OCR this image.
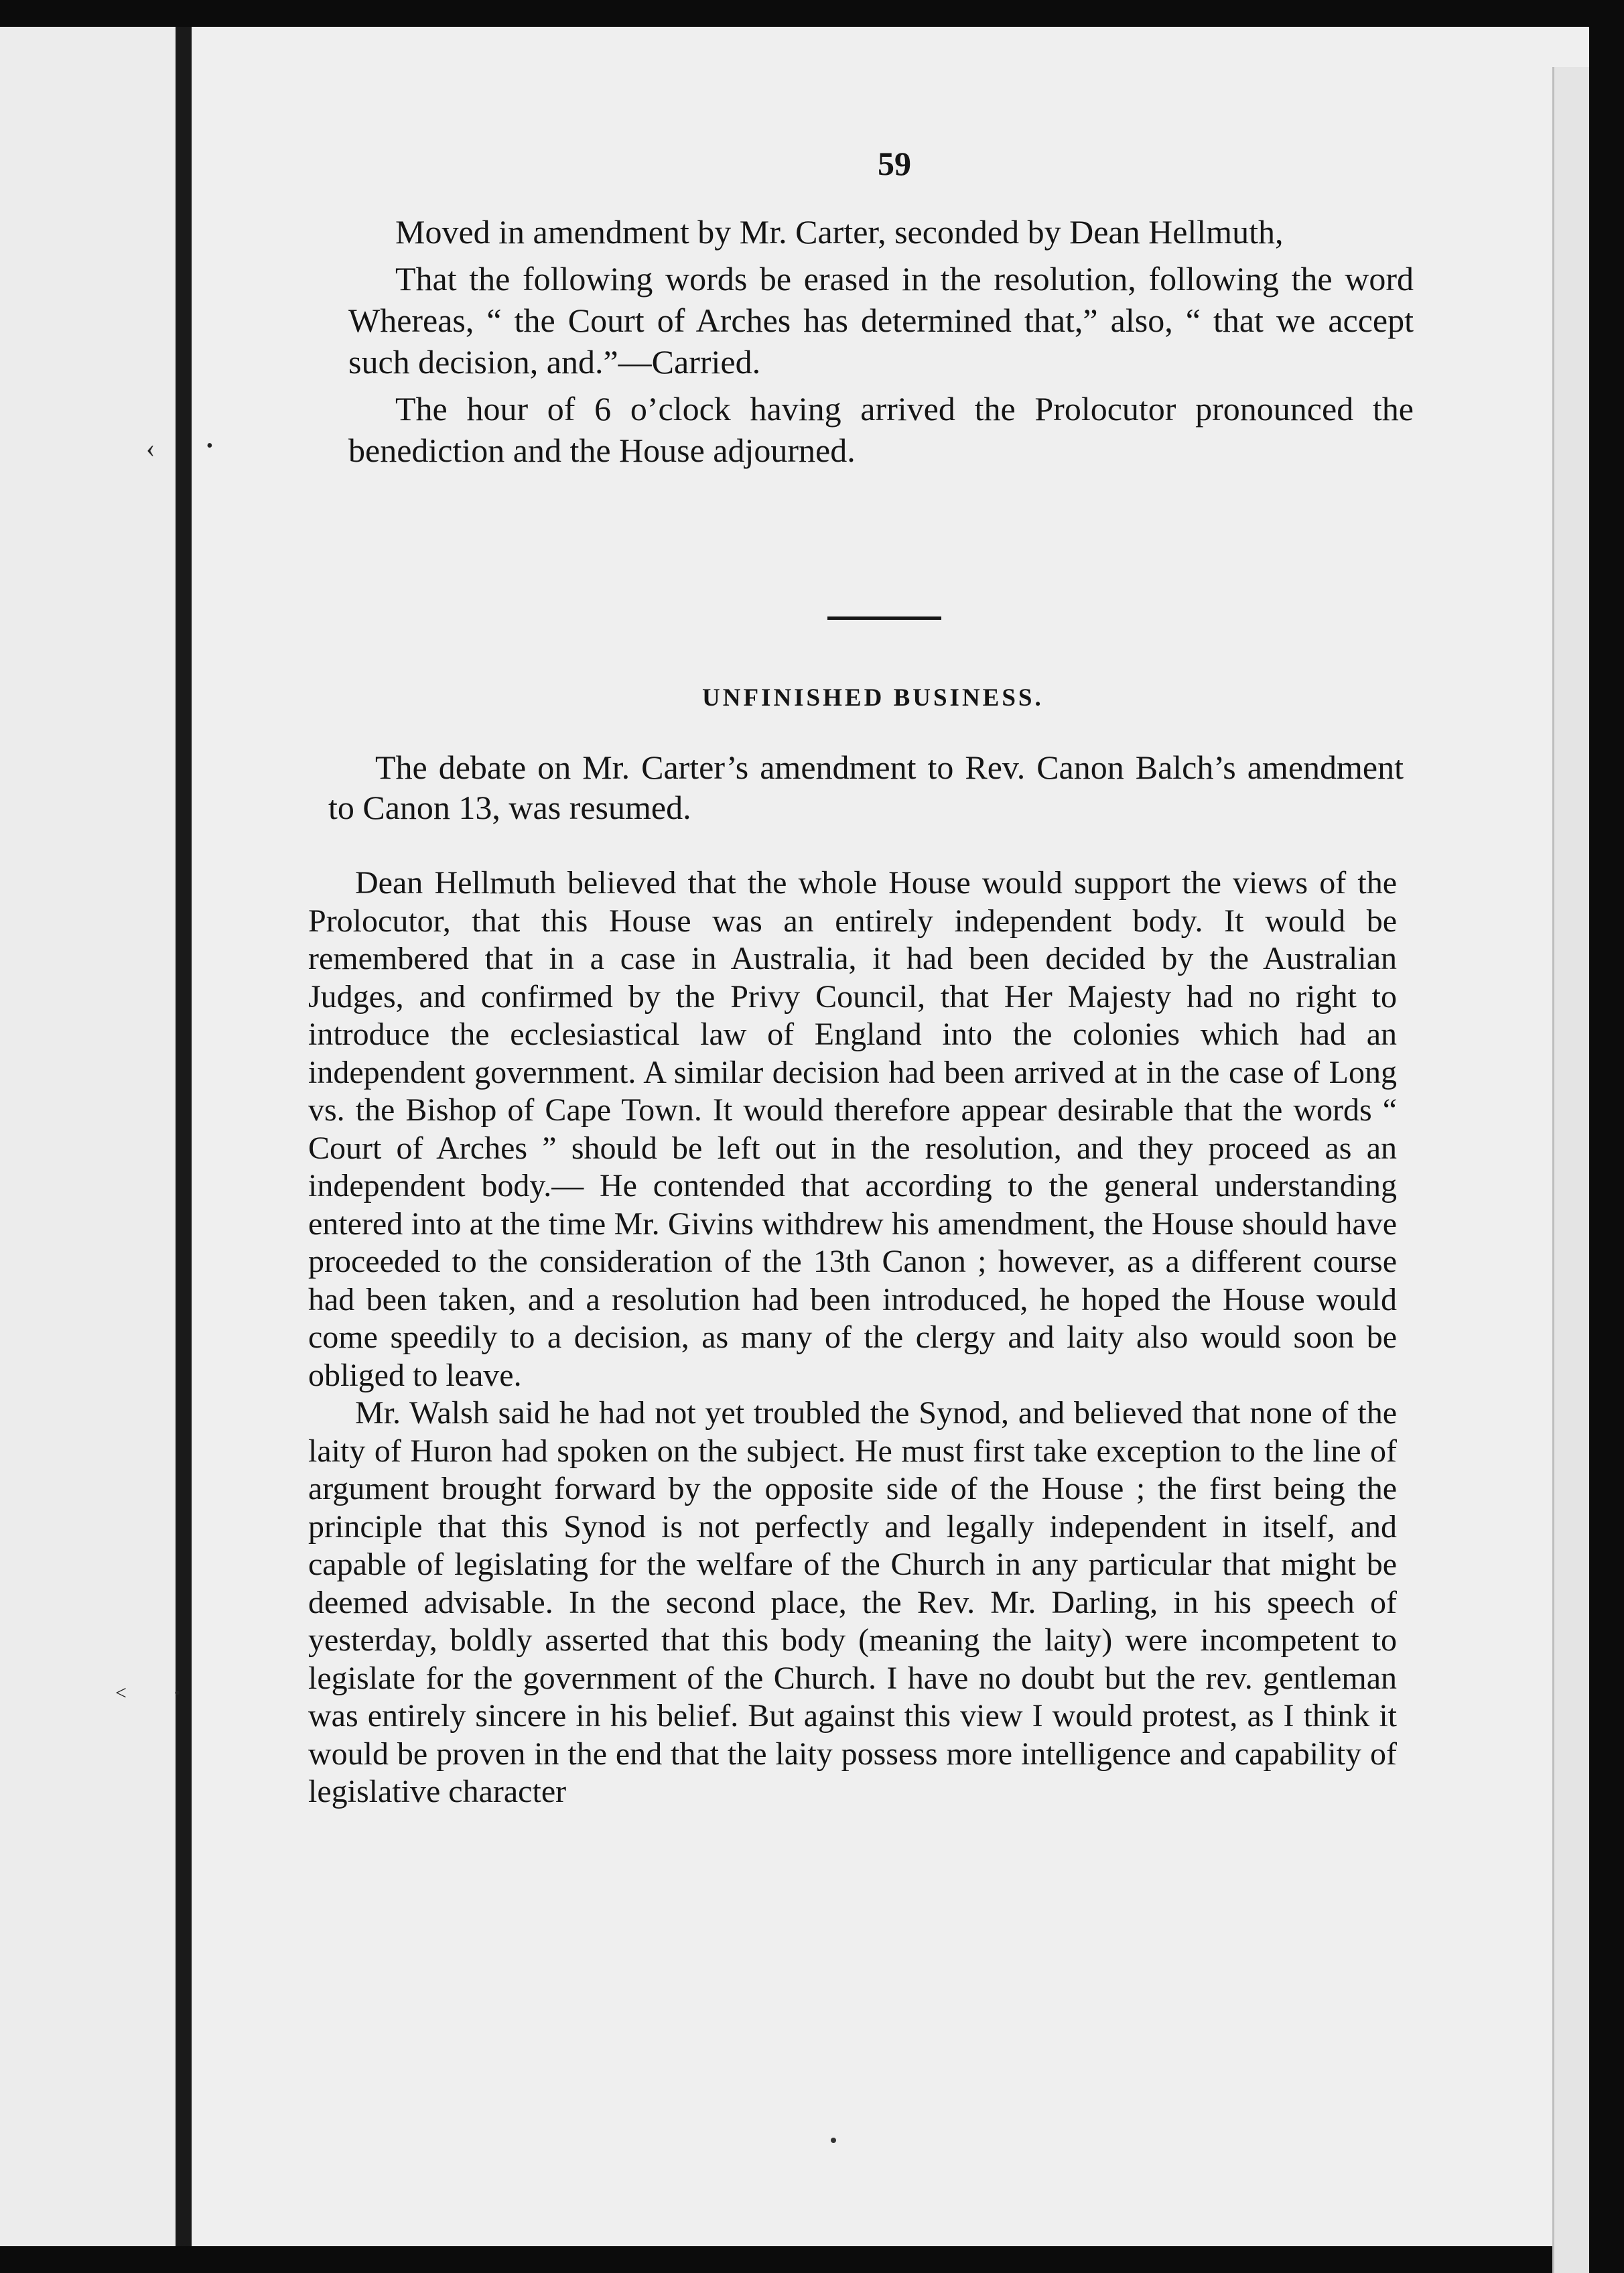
‹	•
˂	•
59

Moved in amendment by Mr. Carter, seconded by Dean Hellmuth,

That the following words be erased in the resolution, following the word Whereas, “ the Court of Arches has determined that,” also, “ that we accept such decision, and.”—Carried.

The hour of 6 o’clock having arrived the Prolocutor pronounced the benediction and the House adjourned.

UNFINISHED BUSINESS.

The debate on Mr. Carter’s amendment to Rev. Canon Balch’s amendment to Canon 13, was resumed.

Dean Hellmuth believed that the whole House would support the views of the Prolocutor, that this House was an entirely independent body. It would be remembered that in a case in Australia, it had been decided by the Australian Judges, and confirmed by the Privy Council, that Her Majesty had no right to introduce the ecclesiastical law of England into the colonies which had an independent government. A similar decision had been arrived at in the case of Long vs. the Bishop of Cape Town. It would therefore appear desirable that the words “ Court of Arches ” should be left out in the resolution, and they proceed as an independent body.— He contended that according to the general understanding entered into at the time Mr. Givins withdrew his amendment, the House should have proceeded to the consideration of the 13th Canon ; however, as a different course had been taken, and a resolution had been introduced, he hoped the House would come speedily to a decision, as many of the clergy and laity also would soon be obliged to leave.

Mr. Walsh said he had not yet troubled the Synod, and believed that none of the laity of Huron had spoken on the subject. He must first take exception to the line of argument brought forward by the opposite side of the House ; the first being the principle that this Synod is not perfectly and legally independent in itself, and capable of legislating for the welfare of the Church in any particular that might be deemed advisable. In the second place, the Rev. Mr. Darling, in his speech of yesterday, boldly asserted that this body (meaning the laity) were incompetent to legislate for the government of the Church. I have no doubt but the rev. gentleman was entirely sincere in his belief. But against this view I would protest, as I think it would be proven in the end that the laity possess more intelligence and capability of legislative character
